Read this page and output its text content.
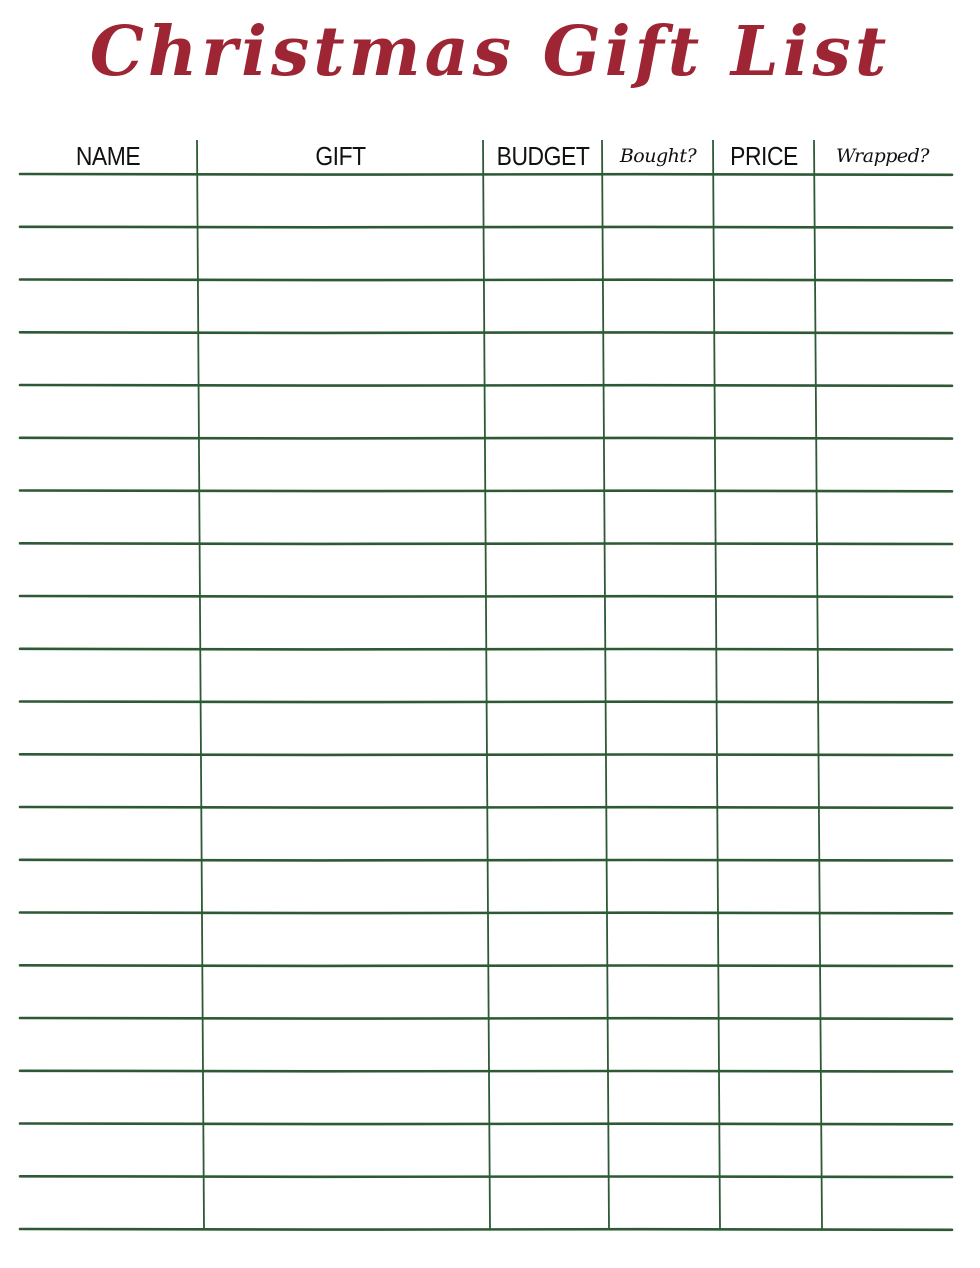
Christmas Gift List
NAME	GIFT	BUDGET	Bought?	PRICE	Wrapped?
